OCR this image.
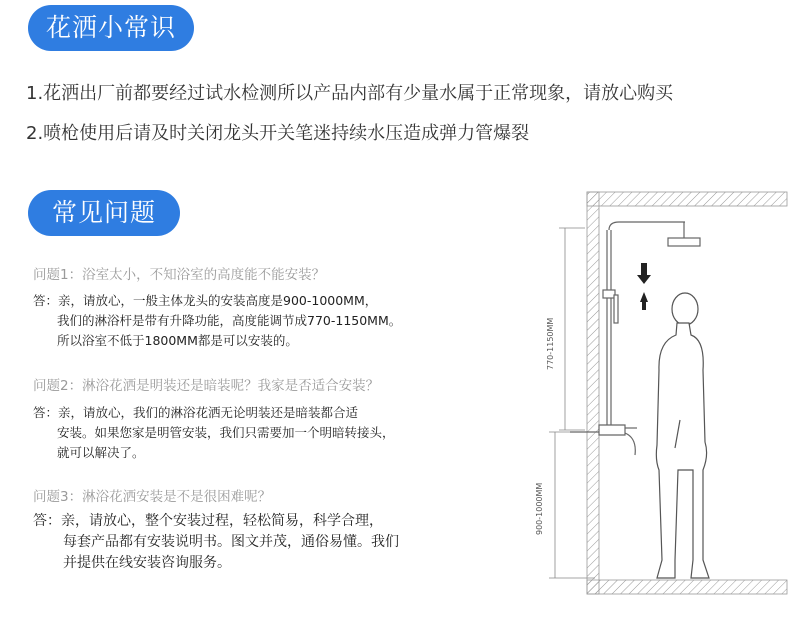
花洒小常识
1.花洒出厂前都要经过试水检测所以产品内部有少量水属于正常现象，请放心购买
2.喷枪使用后请及时关闭龙头开关笔迷持续水压造成弹力管爆裂
常见问题
问题1：浴室太小，不知浴室的高度能不能安装？
答：亲，请放心，一般主体龙头的安装高度是900-1000MM，
我们的淋浴杆是带有升降功能，高度能调节成770-1150MM。
所以浴室不低于1800MM都是可以安装的。
问题2：淋浴花洒是明装还是暗装呢？我家是否适合安装？
答：亲，请放心，我们的淋浴花洒无论明装还是暗装都合适
安装。如果您家是明管安装，我们只需要加一个明暗转接头，
就可以解决了。
问题3：淋浴花洒安装是不是很困难呢？
答：亲，请放心，整个安装过程，轻松简易，科学合理，
每套产品都有安装说明书。图文并茂，通俗易懂。我们
并提供在线安装咨询服务。
770-1150MM
900-1000MM
